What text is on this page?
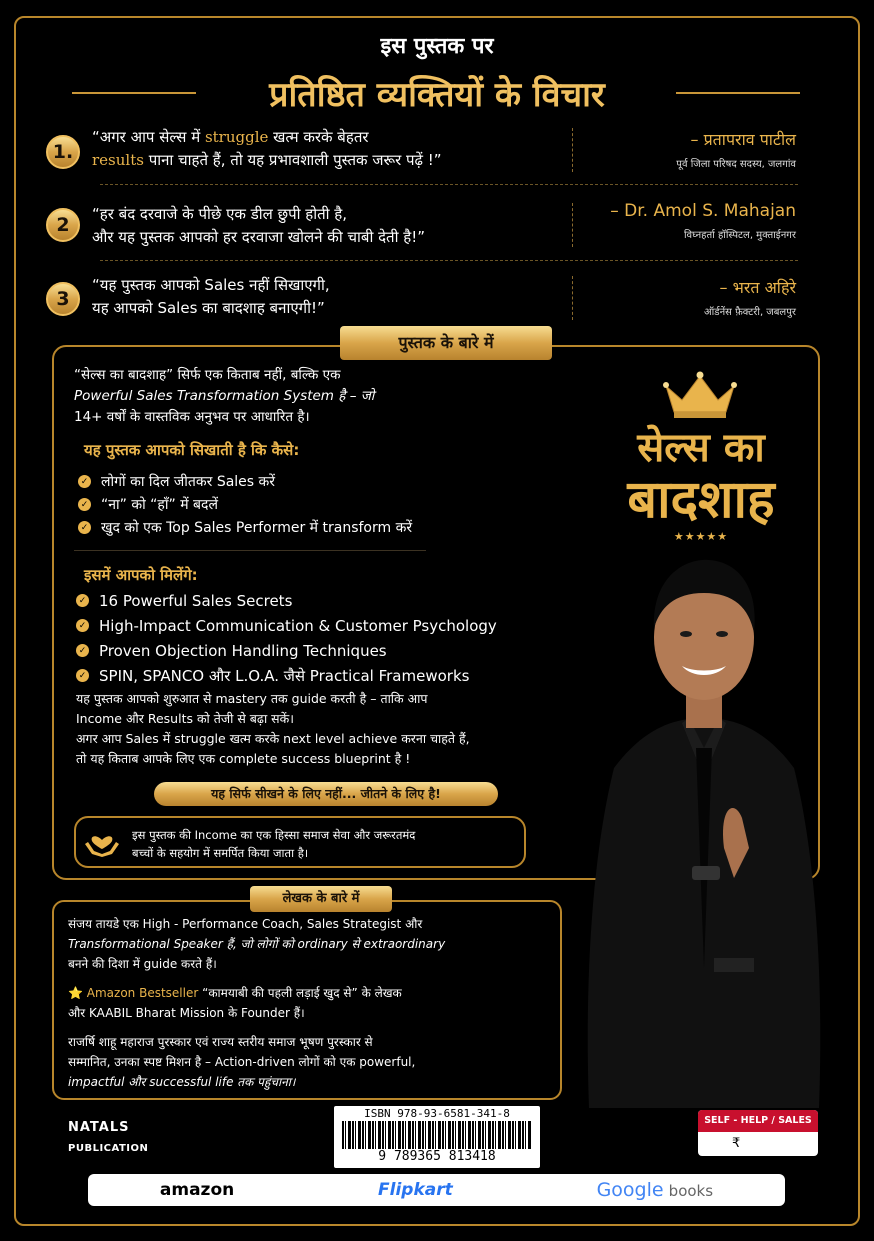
इस पुस्तक पर
प्रतिष्ठित व्यक्तियों के विचार
1.
“अगर आप सेल्स में struggle खत्म करके बेहतर
results पाना चाहते हैं, तो यह प्रभावशाली पुस्तक जरूर पढ़ें !”
– प्रतापराव पाटील
पूर्व जिला परिषद सदस्य, जलगांव
2	“हर बंद दरवाजे के पीछे एक डील छुपी होती है,
और यह पुस्तक आपको हर दरवाजा खोलने की चाबी देती है!”
– Dr. Amol S. Mahajan
विघ्नहर्ता हॉस्पिटल, मुक्ताईनगर
3
“यह पुस्तक आपको Sales नहीं सिखाएगी,
यह आपको Sales का बादशाह बनाएगी!”
– भरत अहिरे
ऑर्डनेंस फ़ैक्टरी, जबलपुर
पुस्तक के बारे में
“सेल्स का बादशाह” सिर्फ एक किताब नहीं, बल्कि एक
Powerful Sales Transformation System है – जो
14+ वर्षों के वास्तविक अनुभव पर आधारित है।
यह पुस्तक आपको सिखाती है कि कैसे:
✓ लोगों का दिल जीतकर Sales करें
✓ “ना” को “हाँ” में बदलें
✓ खुद को एक Top Sales Performer में transform करें
इसमें आपको मिलेंगे:
✓ 16 Powerful Sales Secrets
✓ High-Impact Communication & Customer Psychology
✓ Proven Objection Handling Techniques
✓ SPIN, SPANCO और L.O.A. जैसे Practical Frameworks
यह पुस्तक आपको शुरुआत से mastery तक guide करती है – ताकि आप
Income और Results को तेजी से बढ़ा सकें।
अगर आप Sales में struggle खत्म करके next level achieve करना चाहते हैं,
तो यह किताब आपके लिए एक complete success blueprint है !
यह सिर्फ सीखने के लिए नहीं... जीतने के लिए है!
इस पुस्तक की Income का एक हिस्सा समाज सेवा और जरूरतमंद
बच्चों के सहयोग में समर्पित किया जाता है।
सेल्स का
बादशाह
★★★★★
लेखक के बारे में
संजय तायडे एक High - Performance Coach, Sales Strategist और
Transformational Speaker हैं, जो लोगों को ordinary से extraordinary
बनने की दिशा में guide करते हैं।
⭐ Amazon Bestseller “कामयाबी की पहली लड़ाई खुद से” के लेखक
और KAABIL Bharat Mission के Founder हैं।
राजर्षि शाहू महाराज पुरस्कार एवं राज्य स्तरीय समाज भूषण पुरस्कार से
सम्मानित, उनका स्पष्ट मिशन है – Action-driven लोगों को एक powerful,
impactful और successful life तक पहुंचाना।
NATALS
PUBLICATION
ISBN 978-93-6581-341-8
9 789365 813418
SELF - HELP / SALES
₹
amazon	Flipkart	Google books
